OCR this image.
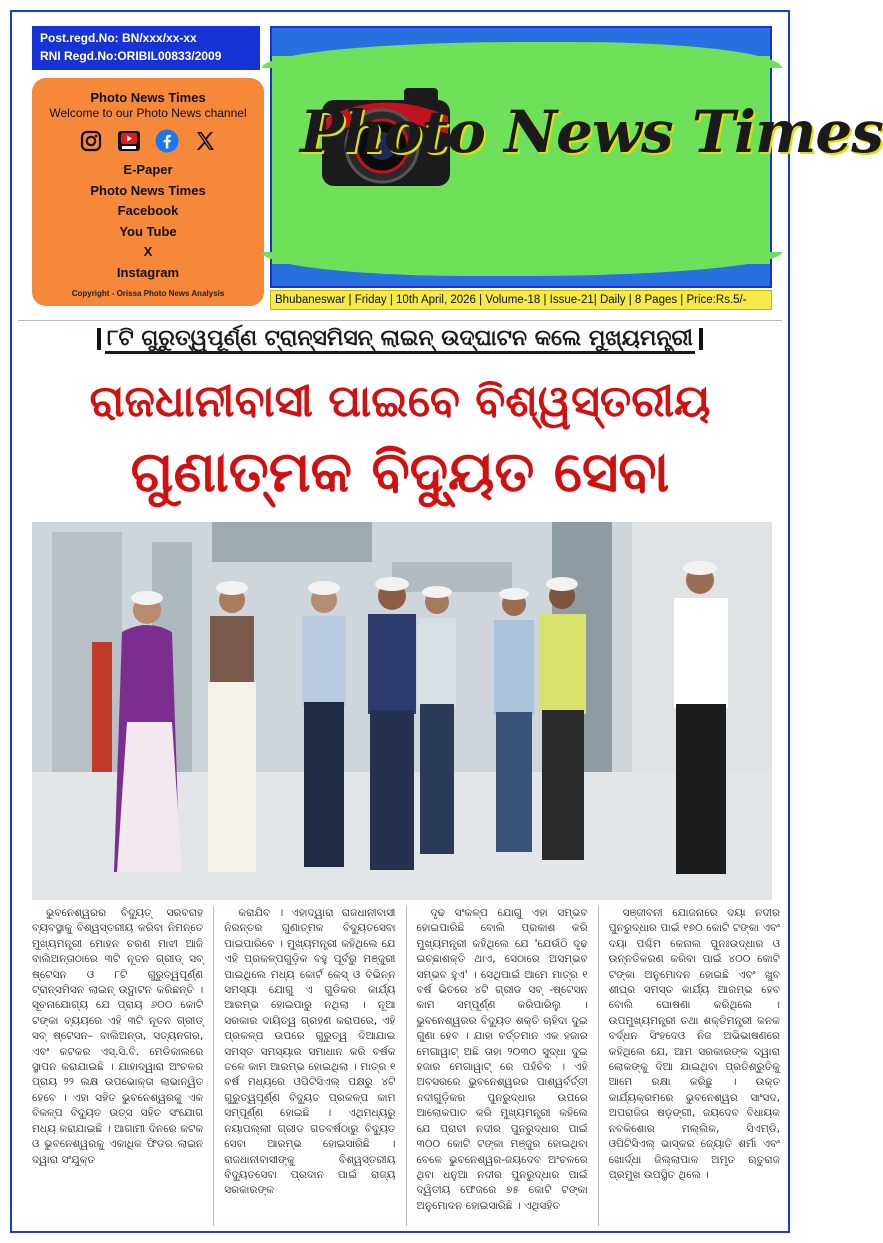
Post.regd.No: BN/xxx/xx-xx
RNI Regd.No:ORIBIL00833/2009
Photo News Times
Welcome to our Photo News channel
E-Paper
Photo News Times
Facebook
You Tube
X
Instagram
Copyright - Orissa Photo News Analysis
Photo News Times
Bhubaneswar | Friday | 10th April, 2026 | Volume-18 | Issue-21| Daily | 8 Pages | Price:Rs.5/-
୮ଟି ଗୁରୁତ୍ୱପୂର୍ଣ୍ଣ ଟ୍ରାନ୍ସମିସନ୍ ଲାଇନ୍ ଉଦ୍‌ଘାଟନ କଲେ ମୁଖ୍ୟମନ୍ତ୍ରୀ
ରାଜଧାନୀବାସୀ ପାଇବେ ବିଶ୍ୱସ୍ତରୀୟ
ଗୁଣାତ୍ମକ ବିଦ୍ୟୁତ ସେବା

ଭୁବନେଶ୍ୱରର ବିଦ୍ୟୁତ୍ ସରବରାହ ବ୍ୟବସ୍ଥାକୁ ବିଶ୍ୱସ୍ତରୀୟ କରିବା ନିମନ୍ତେ ମୁଖ୍ୟମନ୍ତ୍ରୀ ମୋହନ ଚରଣ ମାଝୀ ଆଜି ବାଲିଅନ୍ତାଠାରେ ୩ଟି ନୂତନ ଗ୍ରୀଡ୍ ସବ୍ ଷ୍ଟେସନ ଓ ୮ଟି ଗୁରୁତ୍ୱପୂର୍ଣ୍ଣ ଟ୍ରାନ୍ସମିସନ ଲାଇନ୍ ଉଦ୍ଘାଟନ କରିଛନ୍ତି । ସୂଚନାଯୋଗ୍ୟ ଯେ ପ୍ରାୟ ୬୦୦ କୋଟି ଟଙ୍କା ବ୍ୟୟରେ ଏହି ୩ଟି ନୂତନ ଗ୍ରୀଡ୍ ସବ୍ ଷ୍ଟେସନ– ବାଲିଅନ୍ତା, ସତ୍ୟନଗର, ଏବଂ କଟକର ଏସ୍.ସି.ବି. ମେଡିକାଲରେ ସ୍ଥାପନ କରାଯାଇଛି । ଯାହାଦ୍ୱାରା ଅଂଚଳର ପ୍ରାୟ ୨୨ ଲକ୍ଷ ଉପଭୋକ୍ତା ଲାଭାନ୍ୱିତ ହେବେ । ଏହା ସହିତ ଭୁବନେଶ୍ୱରକୁ ଏକ ବିକଳ୍ପ ବିଦ୍ୟୁତ ଉତ୍ସ ସହିତ ସଂଯୋଗ ମଧ୍ୟ କରାଯାଇଛି । ଆଗାମୀ ଦିନରେ କଟକ ଓ ଭୁବନେଶ୍ୱରକୁ ଏକାଧିକ ଫିଡର ଲାଇନ ଦ୍ୱାରା ସଂଯୁକ୍ତ

କରାଯିବ । ଏହାଦ୍ୱାରା ରାଜଧାନୀବାସୀ ନିରନ୍ତର ଗୁଣାତ୍ମକ ବିଦ୍ୟୁତସେବା ପାଇପାରିବେ । ମୁଖ୍ୟମନ୍ତ୍ରୀ କହିଥିଲେ ଯେ ଏହି ପ୍ରକଳ୍ପଗୁଡ଼ିକ ବହୁ ପୂର୍ବରୁ ମଞ୍ଜୁରୀ ପାଇଥିଲେ ମଧ୍ୟ କୋର୍ଟ କେସ୍ ଓ ବିଭିନ୍ନ ସମସ୍ୟା ଯୋଗୁ ଏ ଗୁଡିକର କାର୍ଯ୍ୟ ଆରମ୍ଭ ହୋଇପାରୁ ନଥିଲା । ନୂଆ ସରକାର ଦାୟିତ୍ୱ ଗ୍ରହଣ କରାପରେ, ଏହି ପ୍ରକଳ୍ପ ଉପରେ ଗୁରୁତ୍ୱ ଦିଆଯାଇ ସମସ୍ତ ସମସ୍ୟାର ସମାଧାନ କରି ବର୍ଷକ ତଳେ କାମ ଆରମ୍ଭ ହୋଇଥିଲା । ମାତ୍ର ୧ ବର୍ଷ ମଧ୍ୟରେ ଓପିଟିସିଏଲ୍ ପକ୍ଷରୁ ୪ଟି ଗୁରୁତ୍ୱପୂର୍ଣ୍ଣ ବିଦ୍ୟୁତ ପ୍ରକଳ୍ପ କାମ ସମ୍ପୂର୍ଣ୍ଣ ହୋଇଛି । ଏଥିମଧ୍ୟରୁ ନୟାପଲ୍ଲୀ ଗ୍ରୀଡ ଗତବର୍ଷଠାରୁ ବିଦ୍ୟୁତ ସେବା ଆରମ୍ଭ ହୋଇସାରିଛି । ରାଜଧାନୀବାସୀଙ୍କୁ ବିଶ୍ୱସ୍ତରୀୟ ବିଦ୍ୟୁତସେବା ପ୍ରଦାନ ପାଇଁ ରାଜ୍ୟ ସରକାରଙ୍କ

ଦୃଢ ସଂକଳ୍ପ ଯୋଗୁ ଏହା ସମ୍ଭବ ହୋଇପାରିଛି ବୋଲି ପ୍ରକାଶ କରି ମୁଖ୍ୟମନ୍ତ୍ରୀ କହିଥିଲେ ଯେ 'ଯେଉଁଠି ଦୃଢ ଇଚ୍ଛାଶକ୍ତି ଥାଏ, ସେଠାରେ ଅସମ୍ଭବ ସମ୍ଭବ ହୁଏ' । ସେଥିପାଇଁ ଆମେ ମାତ୍ର ୧ ବର୍ଷ ଭିତରେ ୪ଟି ଗ୍ରୀଡ ସବ୍ -ଷ୍ଟେସନ କାମ ସମ୍ପୂର୍ଣ୍ଣ କରିପାରିଲୁ । ଭୁବନେଶ୍ୱରର ବିଦ୍ୟୁତ ଶକ୍ତି ଚାହିଦା ଦୁଇ ଗୁଣା ହେବ । ଯାହା ବର୍ତ୍ତମାନ ଏକ ହଜାର ମେଗାୱାଟ୍ ଅଛି ତାହା ୨୦୩୦ ସୁଦ୍ଧା ଦୁଇ ହଜାର ମେଗାୱାଟ୍ ରେ ପହଁଚିବ । ଏହି ଅବସରରେ ଭୁବନେଶ୍ୱରର ପାଶ୍ୱର୍ବର୍ତ୍ତୀ ନଦୀଗୁଡ଼ିକର ପୁନରୁଦ୍ଧାର ଉପରେ ଆଲୋକପାତ କରି ମୁଖ୍ୟମନ୍ତ୍ରୀ କହିଲେ ଯେ ପ୍ରାଚୀ ନଦୀର ପୁନରୁଦ୍ଧାର ପାଇଁ ୩୦୦ କୋଟି ଟଙ୍କା ମଞ୍ଜୁର ହୋଇଥିବା ବେଳେ ଭୁବନେଶ୍ୱର-ଜୟଦେବ ଅଂଚଳରେ ଥିବା ଧନୁଆ ନଦୀର ପୁନରୁଦ୍ଧାର ପାଇଁ ଦ୍ୱିତୀୟ ଫେଜରେ ୭୫ କୋଟି ଟଙ୍କା ଅନୁମୋଦନ ହୋଇସାରିଛି । ଏଥିସହିତ

ସଞ୍ଜୀବନୀ ଯୋଜନାରେ ଦୟା ନଦୀର ପୁନରୁଦ୍ଧାର ପାଇଁ ୧୭୦ କୋଟି ଟଙ୍କା ଏବଂ ଦୟା ପଶ୍ଚିମ କେନାଲ ପୁନଃଉଦ୍ଧାର ଓ ଉନ୍ନତିକରଣ କରିବା ପାଇଁ ୪୦୦ କୋଟି ଟଙ୍କା ଅନୁମୋଦନ ହୋଇଛି ଏବଂ ଖୁବ ଶୀଘ୍ର ସମସ୍ତ କାର୍ଯ୍ୟ ଆରମ୍ଭ ହେବ ବୋଲି ଘୋଷଣା କରିଥିଲେ । ଉପମୁଖ୍ୟମନ୍ତ୍ରୀ ତଥା ଶକ୍ତିମନ୍ତ୍ରୀ କନକ ବର୍ଦ୍ଧନ ସିଂହଦେଓ ନିଜ ଅଭିଭାଷଣରେ କହିଥିଲେ ଯେ, ଆମ ସରକାରଙ୍କ ଦ୍ୱାରା ଲୋକଙ୍କୁ ଦିଆ ଯାଇଥିବା ପ୍ରତିଶ୍ରୁତିକୁ ଆମେ ରକ୍ଷା କରିଛୁ । ଉକ୍ତ କାର୍ଯ୍ୟକ୍ରମରେ ଭୁବନେଶ୍ୱର ସାଂସଦ, ଅପରାଜିତା ଷଡ଼ଙ୍ଗୀ, ଜୟଦେବ ବିଧାୟକ ନବକିଶୋର ମଲ୍ଲିକ, ସିଏମ୍‌ଡି, ଓପିଟିସିଏଲ୍ ଭାସ୍କର ଜ୍ୟୋତି ଶର୍ମା ଏବଂ ଖୋର୍ଦ୍ଧା ଜିଲ୍ଲାପାଳ ଅମୃତ ଋତୁରାଜ ପ୍ରମୁଖ ଉପସ୍ଥିତ ଥିଲେ ।
